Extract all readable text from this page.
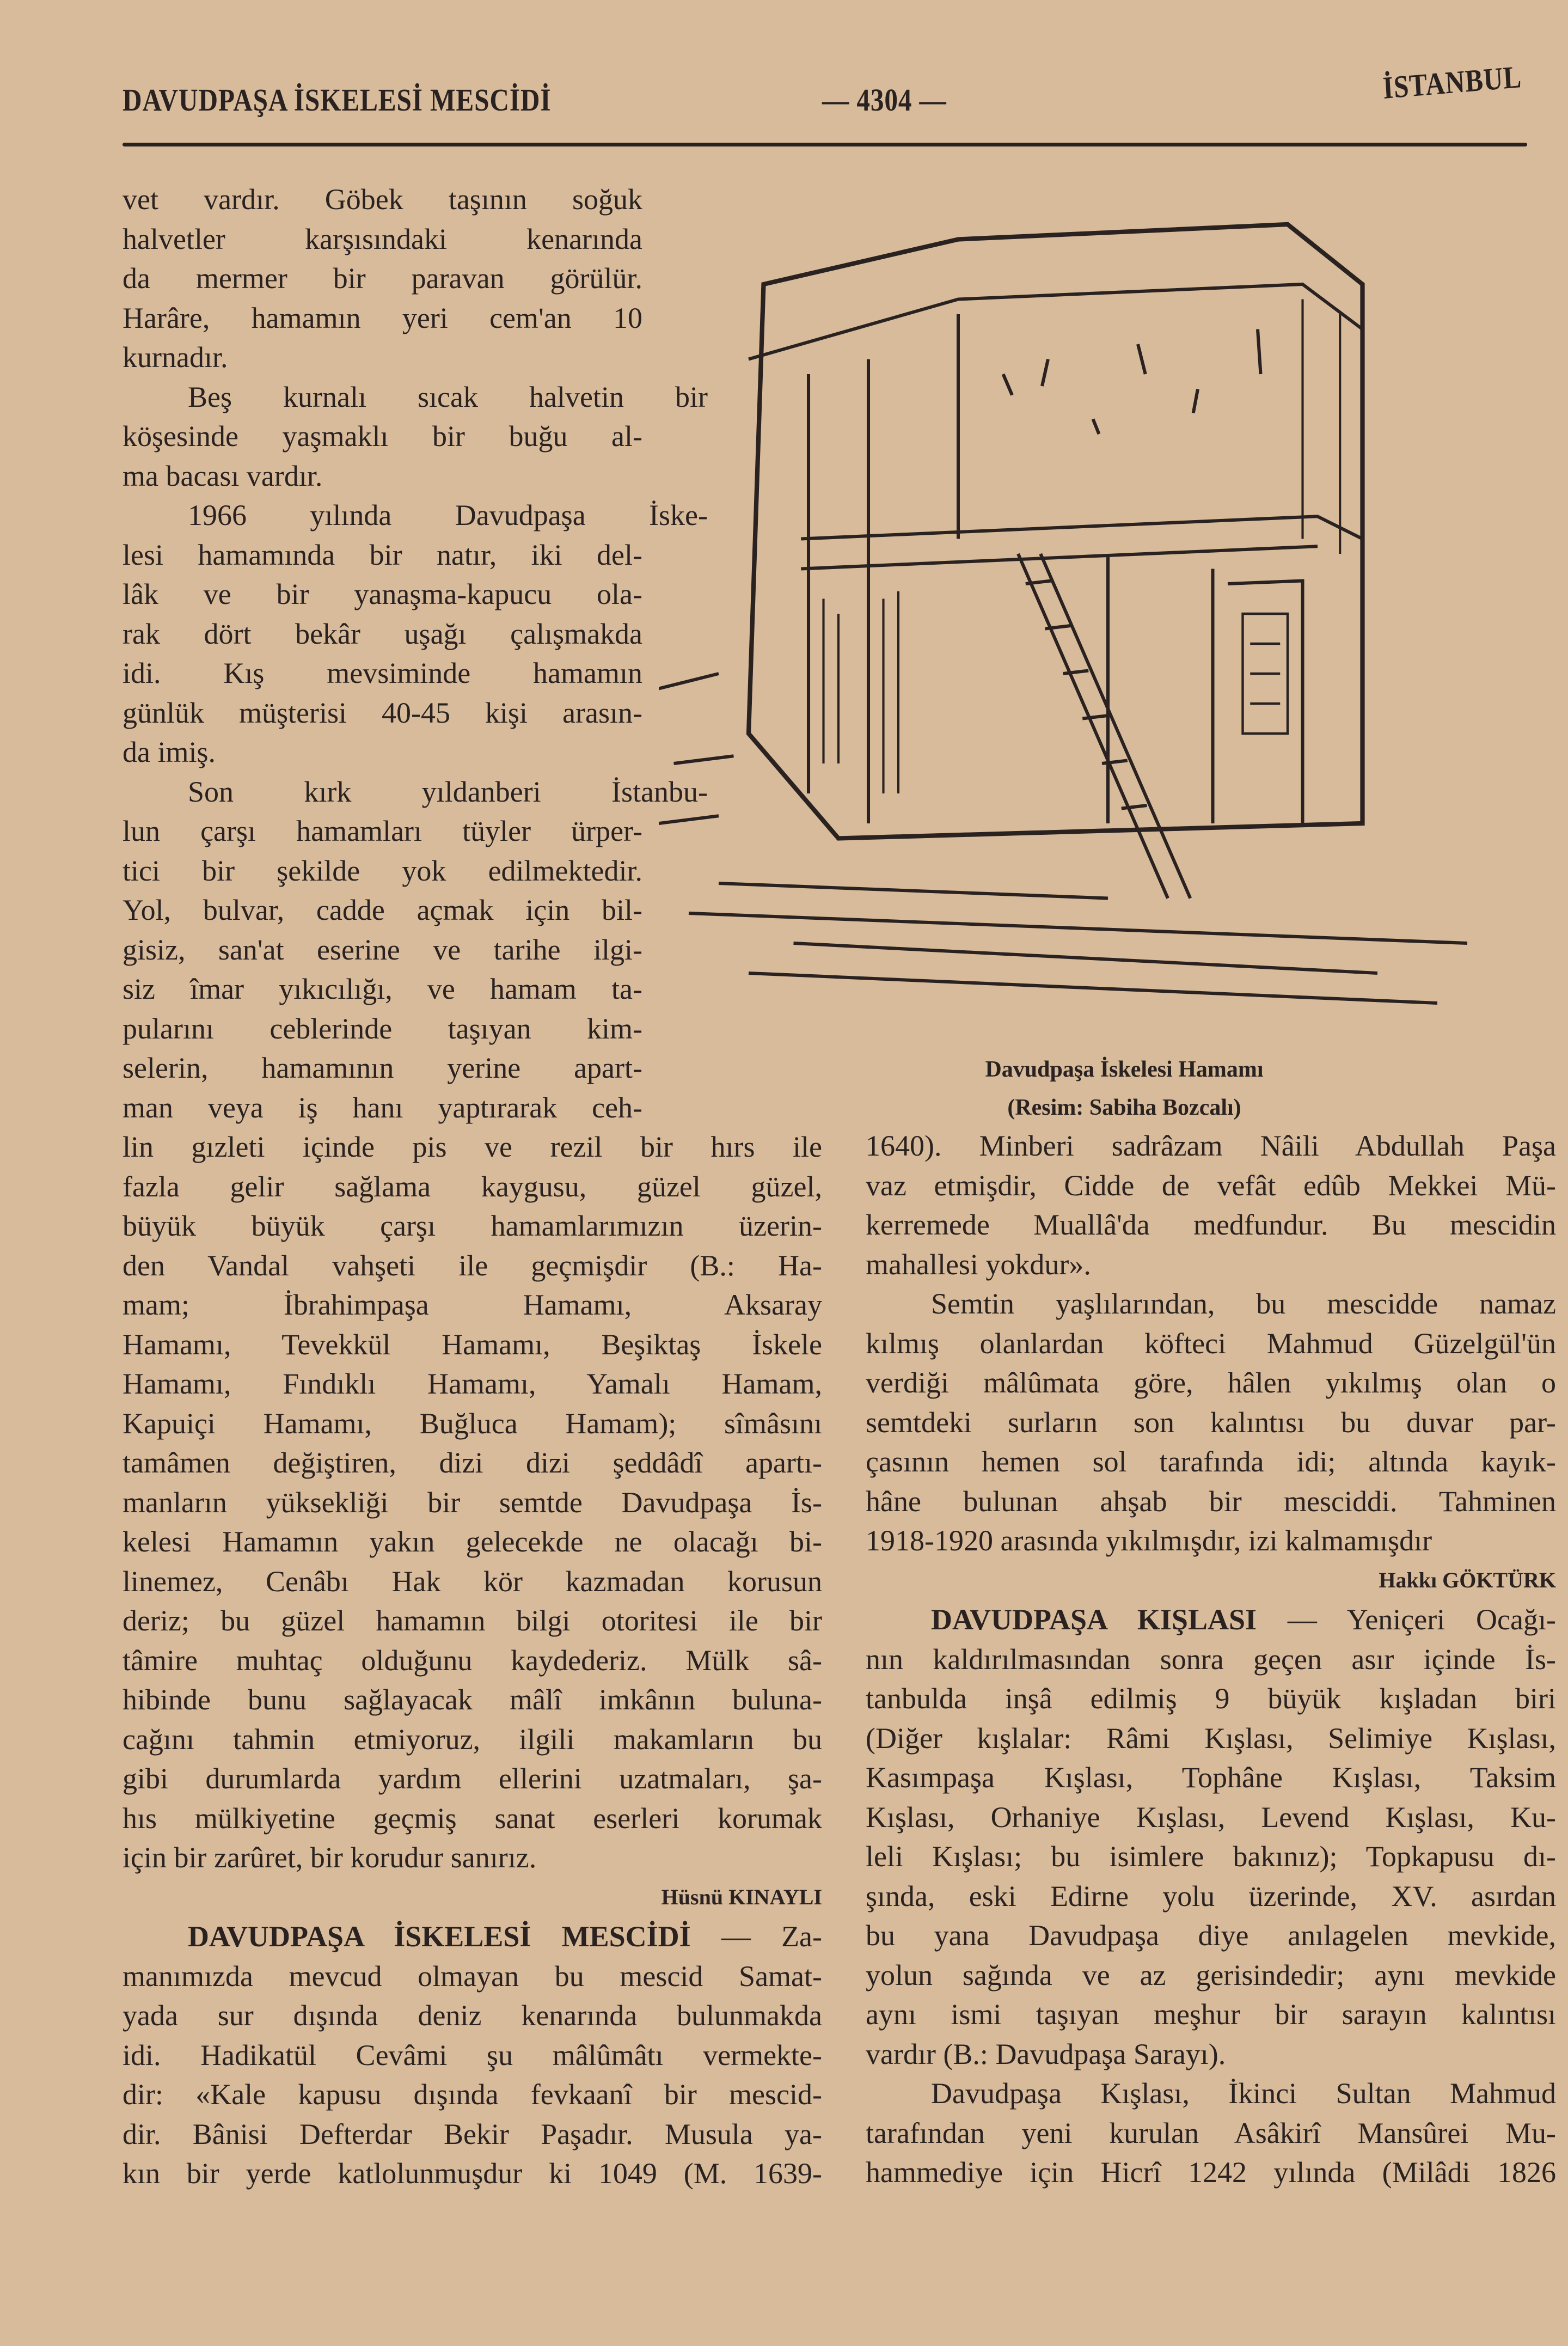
DAVUDPAŞA İSKELESİ MESCİDİ	— 4304 —	İSTANBUL
Davudpaşa İskelesi Hamamı
(Resim: Sabiha Bozcalı)
vet vardır. Göbek taşının soğuk
halvetler karşısındaki kenarında
da mermer bir paravan görülür.
Harâre, hamamın yeri cem'an 10
kurnadır.
Beş kurnalı sıcak halvetin bir
köşesinde yaşmaklı bir buğu al-
ma bacası vardır.
1966 yılında Davudpaşa İske-
lesi hamamında bir natır, iki del-
lâk ve bir yanaşma-kapucu ola-
rak dört bekâr uşağı çalışmakda
idi. Kış mevsiminde hamamın
günlük müşterisi 40-45 kişi arasın-
da imiş.
Son kırk yıldanberi İstanbu-
lun çarşı hamamları tüyler ürper-
tici bir şekilde yok edilmektedir.
Yol, bulvar, cadde açmak için bil-
gisiz, san'at eserine ve tarihe ilgi-
siz îmar yıkıcılığı, ve hamam ta-
pularını ceblerinde taşıyan kim-
selerin, hamamının yerine apart-
man veya iş hanı yaptırarak ceh-
lin gızleti içinde pis ve rezil bir hırs ile
fazla gelir sağlama kaygusu, güzel güzel,
büyük büyük çarşı hamamlarımızın üzerin-
den Vandal vahşeti ile geçmişdir (B.: Ha-
mam; İbrahimpaşa Hamamı, Aksaray
Hamamı, Tevekkül Hamamı, Beşiktaş İskele
Hamamı, Fındıklı Hamamı, Yamalı Hamam,
Kapuiçi Hamamı, Buğluca Hamam); sîmâsını
tamâmen değiştiren, dizi dizi şeddâdî apartı-
manların yüksekliği bir semtde Davudpaşa İs-
kelesi Hamamın yakın gelecekde ne olacağı bi-
linemez, Cenâbı Hak kör kazmadan korusun
deriz; bu güzel hamamın bilgi otoritesi ile bir
tâmire muhtaç olduğunu kaydederiz. Mülk sâ-
hibinde bunu sağlayacak mâlî imkânın buluna-
cağını tahmin etmiyoruz, ilgili makamların bu
gibi durumlarda yardım ellerini uzatmaları, şa-
hıs mülkiyetine geçmiş sanat eserleri korumak
için bir zarûret, bir korudur sanırız.
Hüsnü KINAYLI
DAVUDPAŞA İSKELESİ MESCİDİ — Za-
manımızda mevcud olmayan bu mescid Samat-
yada sur dışında deniz kenarında bulunmakda
idi. Hadikatül Cevâmi şu mâlûmâtı vermekte-
dir: «Kale kapusu dışında fevkaanî bir mescid-
dir. Bânisi Defterdar Bekir Paşadır. Musula ya-
kın bir yerde katlolunmuşdur ki 1049 (M. 1639-
1640). Minberi sadrâzam Nâili Abdullah Paşa
vaz etmişdir, Cidde de vefât edûb Mekkei Mü-
kerremede Muallâ'da medfundur. Bu mescidin
mahallesi yokdur».
Semtin yaşlılarından, bu mescidde namaz
kılmış olanlardan köfteci Mahmud Güzelgül'ün
verdiği mâlûmata göre, hâlen yıkılmış olan o
semtdeki surların son kalıntısı bu duvar par-
çasının hemen sol tarafında idi; altında kayık-
hâne bulunan ahşab bir mesciddi. Tahminen
1918-1920 arasında yıkılmışdır, izi kalmamışdır
Hakkı GÖKTÜRK
DAVUDPAŞA KIŞLASI — Yeniçeri Ocağı-
nın kaldırılmasından sonra geçen asır içinde İs-
tanbulda inşâ edilmiş 9 büyük kışladan biri
(Diğer kışlalar: Râmi Kışlası, Selimiye Kışlası,
Kasımpaşa Kışlası, Tophâne Kışlası, Taksim
Kışlası, Orhaniye Kışlası, Levend Kışlası, Ku-
leli Kışlası; bu isimlere bakınız); Topkapusu dı-
şında, eski Edirne yolu üzerinde, XV. asırdan
bu yana Davudpaşa diye anılagelen mevkide,
yolun sağında ve az gerisindedir; aynı mevkide
aynı ismi taşıyan meşhur bir sarayın kalıntısı
vardır (B.: Davudpaşa Sarayı).
Davudpaşa Kışlası, İkinci Sultan Mahmud
tarafından yeni kurulan Asâkirî Mansûrei Mu-
hammediye için Hicrî 1242 yılında (Milâdi 1826
